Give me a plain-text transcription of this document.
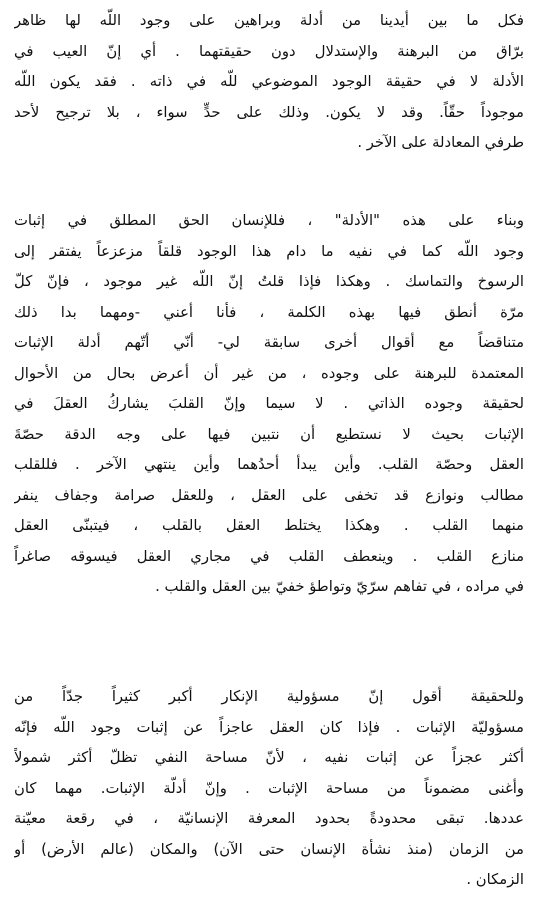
فكل ما بين أيدينا من أدلة وبراهين على وجود اللّه لها ظاهر
برّاق من البرهنة والإستدلال دون حقيقتهما . أي إنّ العيب في
الأدلة لا في حقيقة الوجود الموضوعي للّه في ذاته . فقد يكون اللّه
موجوداً حقّاً. وقد لا يكون. وذلك على حدٍّ سواء ، بلا ترجيح لأحد
طرفي المعادلة على الآخر .
وبناء على هذه "الأدلة" ، فللإنسان الحق المطلق في إثبات
وجود اللّه كما في نفيه ما دام هذا الوجود قلقاً مزعزعاً يفتقر إلى
الرسوخ والتماسك . وهكذا فإذا قلتُ إنّ اللّه غير موجود ، فإنّ كلّ
مرّة أنطق فيها بهذه الكلمة ، فأنا أعني -ومهما بدا ذلك
متناقضاً مع أقوال أخرى سابقة لي- أنّي أتّهم أدلة الإثبات
المعتمدة للبرهنة على وجوده ، من غير أن أعرض بحال من الأحوال
لحقيقة وجوده الذاتي . لا سيما وإنّ القلبَ يشاركُ العقلَ في
الإثبات بحيث لا نستطيع أن نتبين فيها على وجه الدقة حصّةَ
العقل وحصّة القلب. وأين يبدأ أحدُهما وأين ينتهي الآخر . فللقلب
مطالب ونوازع قد تخفى على العقل ، وللعقل صرامة وجفاف ينفر
منهما القلب . وهكذا يختلط العقل بالقلب ، فيتبنّى العقل
منازع القلب . وينعطف القلب في مجاري العقل فيسوقه صاغراً
في مراده ، في تفاهم سرّيّ وتواطؤ خفيّ بين العقل والقلب .
وللحقيقة أقول إنّ مسؤولية الإنكار أكبر كثيراً جدّاً من
مسؤوليّة الإثبات . فإذا كان العقل عاجزاً عن إثبات وجود اللّه فإنّه
أكثر عجزاً عن إثبات نفيه ، لأنّ مساحة النفي تظلّ أكثر شمولاً
وأغنى مضموناً من مساحة الإثبات . وإنّ أدلّة الإثبات. مهما كان
عددها. تبقى محدودةً بحدود المعرفة الإنسانيّة ، في رقعة معيّنة
من الزمان (منذ نشأة الإنسان حتى الآن) والمكان (عالم الأرض) أو
الزمكان .
